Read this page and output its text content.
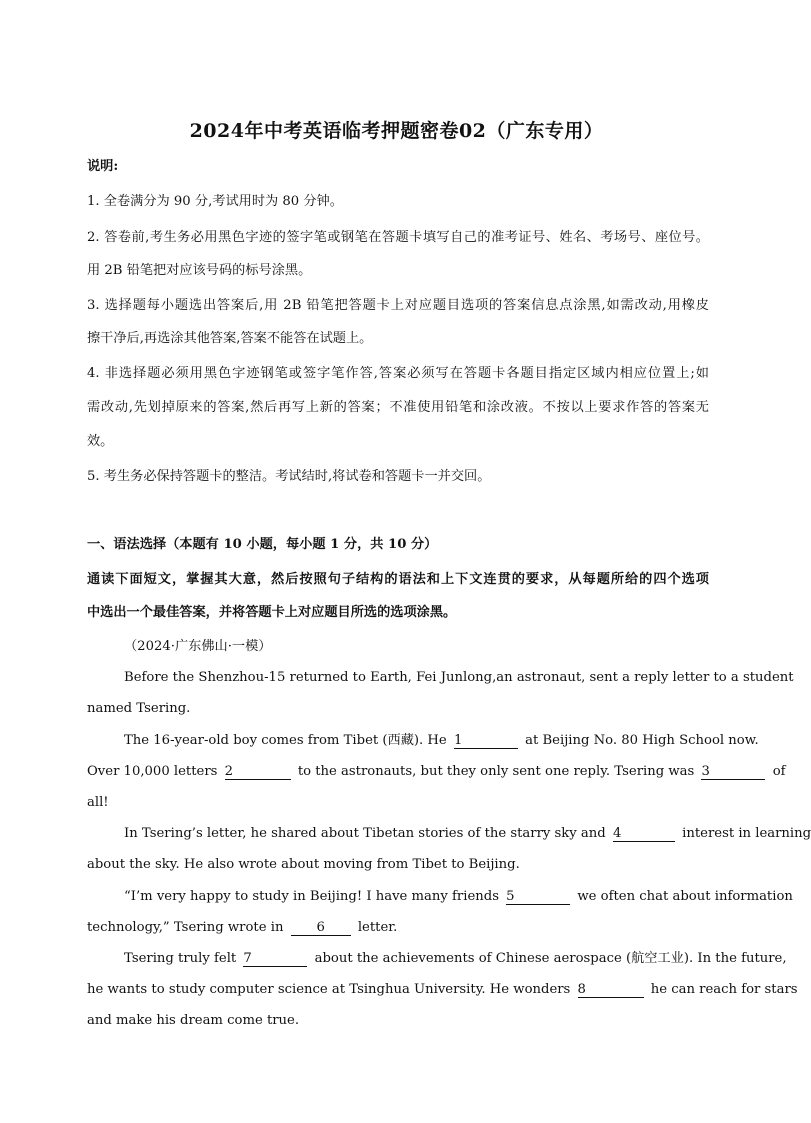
2024年中考英语临考押题密卷02（广东专用）
说明:
1. 全卷满分为 90 分,考试用时为 80 分钟。
2. 答卷前,考生务必用黑色字迹的签字笔或钢笔在答题卡填写自己的准考证号、姓名、考场号、座位号。
用 2B 铅笔把对应该号码的标号涂黑。
3. 选择题每小题选出答案后,用 2B 铅笔把答题卡上对应题目选项的答案信息点涂黑,如需改动,用橡皮
擦干净后,再选涂其他答案,答案不能答在试题上。
4. 非选择题必须用黑色字迹钢笔或签字笔作答,答案必须写在答题卡各题目指定区域内相应位置上;如
需改动,先划掉原来的答案,然后再写上新的答案；不准使用铅笔和涂改液。不按以上要求作答的答案无
效。
5. 考生务必保持答题卡的整洁。考试结时,将试卷和答题卡一并交回。
一、语法选择（本题有 10 小题，每小题 1 分，共 10 分）
通读下面短文，掌握其大意，然后按照句子结构的语法和上下文连贯的要求，从每题所给的四个选项
中选出一个最佳答案，并将答题卡上对应题目所选的选项涂黑。
（2024·广东佛山·一模）
Before the Shenzhou-15 returned to Earth, Fei Junlong,an astronaut, sent a reply letter to a student
named Tsering.
The 16-year-old boy comes from Tibet (西藏). He 1	at Beijing No. 80 High School now.
Over 10,000 letters 2	to the astronauts, but they only sent one reply. Tsering was 3	of
all!
In Tsering’s letter, he shared about Tibetan stories of the starry sky and 4	interest in learning
about the sky. He also wrote about moving from Tibet to Beijing.
“I’m very happy to study in Beijing! I have many friends 5	we often chat about information
technology,” Tsering wrote in	6	letter.
Tsering truly felt 7	about the achievements of Chinese aerospace (航空工业). In the future,
he wants to study computer science at Tsinghua University. He wonders 8	he can reach for stars
and make his dream come true.
